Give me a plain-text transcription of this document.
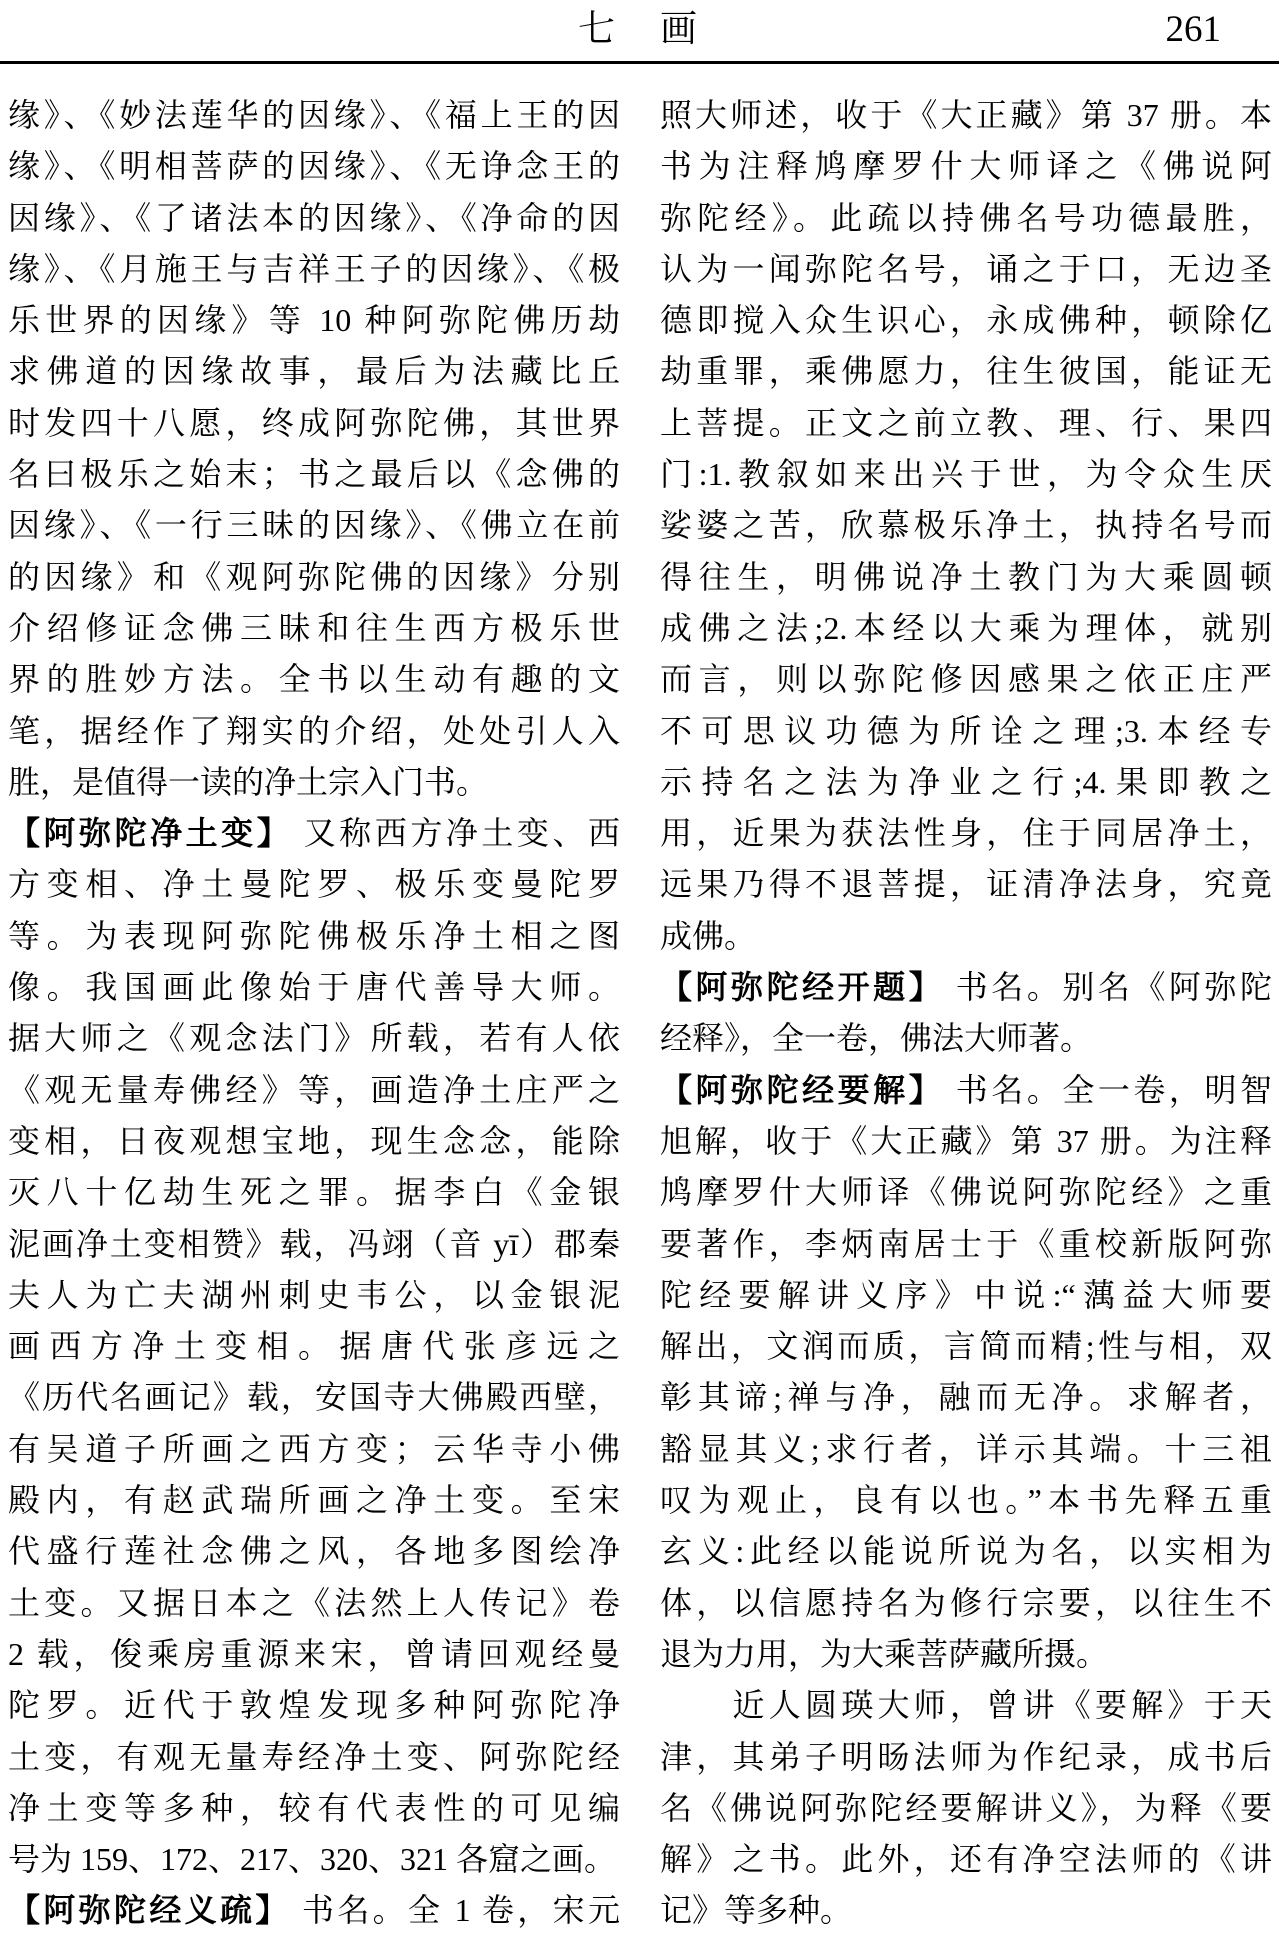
七　画	261
缘》、《妙法莲华的因缘》、《福上王的因
缘》、《明相菩萨的因缘》、《无诤念王的
因缘》、《了诸法本的因缘》、《净命的因
缘》、《月施王与吉祥王子的因缘》、《极
乐世界的因缘》等 10 种阿弥陀佛历劫
求佛道的因缘故事，最后为法藏比丘
时发四十八愿，终成阿弥陀佛，其世界
名曰极乐之始末；书之最后以《念佛的
因缘》、《一行三昧的因缘》、《佛立在前
的因缘》和《观阿弥陀佛的因缘》分别
介绍修证念佛三昧和往生西方极乐世
界的胜妙方法。全书以生动有趣的文
笔，据经作了翔实的介绍，处处引人入
胜，是值得一读的净土宗入门书。
【阿弥陀净土变】 又称西方净土变、西
方变相、净土曼陀罗、极乐变曼陀罗
等。为表现阿弥陀佛极乐净土相之图
像。我国画此像始于唐代善导大师。
据大师之《观念法门》所载，若有人依
《观无量寿佛经》等，画造净土庄严之
变相，日夜观想宝地，现生念念，能除
灭八十亿劫生死之罪。据李白《金银
泥画净土变相赞》载，冯翊（音 yī）郡秦
夫人为亡夫湖州刺史韦公，以金银泥
画西方净土变相。据唐代张彦远之
《历代名画记》载，安国寺大佛殿西壁，
有吴道子所画之西方变；云华寺小佛
殿内，有赵武瑞所画之净土变。至宋
代盛行莲社念佛之风，各地多图绘净
土变。又据日本之《法然上人传记》卷
2 载，俊乘房重源来宋，曾请回观经曼
陀罗。近代于敦煌发现多种阿弥陀净
土变，有观无量寿经净土变、阿弥陀经
净土变等多种，较有代表性的可见编
号为 159、172、217、320、321 各窟之画。
【阿弥陀经义疏】 书名。全 1 卷，宋元
照大师述，收于《大正藏》第 37 册。本
书为注释鸠摩罗什大师译之《佛说阿
弥陀经》。此疏以持佛名号功德最胜，
认为一闻弥陀名号，诵之于口，无边圣
德即搅入众生识心，永成佛种，顿除亿
劫重罪，乘佛愿力，往生彼国，能证无
上菩提。正文之前立教、理、行、果四
门:1.教叙如来出兴于世，为令众生厌
娑婆之苦，欣慕极乐净土，执持名号而
得往生，明佛说净土教门为大乘圆顿
成佛之法;2.本经以大乘为理体，就别
而言，则以弥陀修因感果之依正庄严
不可思议功德为所诠之理;3.本经专
示持名之法为净业之行;4.果即教之
用，近果为获法性身，住于同居净土，
远果乃得不退菩提，证清净法身，究竟
成佛。
【阿弥陀经开题】 书名。别名《阿弥陀
经释》，全一卷，佛法大师著。
【阿弥陀经要解】 书名。全一卷，明智
旭解，收于《大正藏》第 37 册。为注释
鸠摩罗什大师译《佛说阿弥陀经》之重
要著作，李炳南居士于《重校新版阿弥
陀经要解讲义序》中说:“蕅益大师要
解出，文润而质，言简而精;性与相，双
彰其谛;禅与净，融而无净。求解者，
豁显其义;求行者，详示其端。十三祖
叹为观止，良有以也。”本书先释五重
玄义:此经以能说所说为名，以实相为
体，以信愿持名为修行宗要，以往生不
退为力用，为大乘菩萨藏所摄。
　　近人圆瑛大师，曾讲《要解》于天
津，其弟子明旸法师为作纪录，成书后
名《佛说阿弥陀经要解讲义》，为释《要
解》之书。此外，还有净空法师的《讲
记》等多种。
